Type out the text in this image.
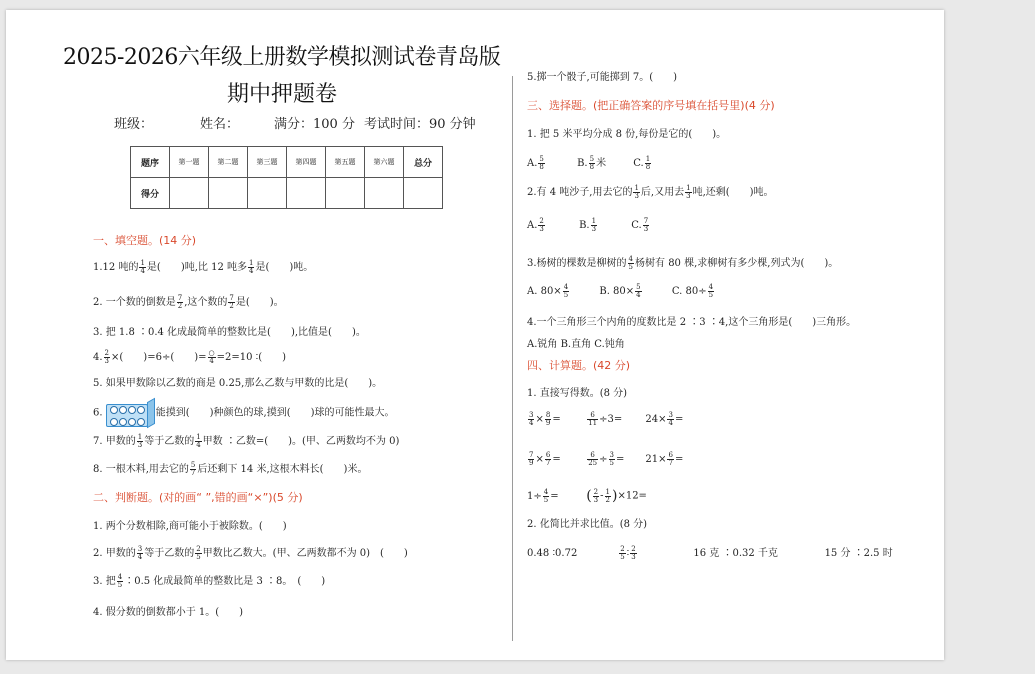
2025-2026六年级上册数学模拟测试卷青岛版
期中押题卷
班级：	姓名：	满分：100 分 考试时间：90 分钟
题序	第一题	第二题	第三题	第四题	第五题	第六题	总分
得分							
一、填空题。(14 分)
1.12 吨的 $\frac{1}{4}$ 是(　　)吨,比 12 吨多 $\frac{1}{4}$ 是(　　)吨。
2. 一个数的倒数是 $\frac{7}{2}$ ,这个数的 $\frac{7}{2}$ 是(　　)。
3. 把 1.8 ∶0.4 化成最简单的整数比是(　　),比值是(　　)。
4. $\frac{2}{3}$ ×(　　)=6÷(　　)= $\frac{○}{4} =2=10$ ∶(　　)
5. 如果甲数除以乙数的商是 0.25,那么乙数与甲数的比是(　　)。
6.	能摸到(　　)种颜色的球,摸到(　　)球的可能性最大。
7. 甲数的 $\frac{1}{3}$ 等于乙数的 $\frac{1}{4}$ 甲数 ∶乙数=(　　)。(甲、乙两数均不为 0)
8. 一根木料,用去它的 $\frac{5}{7}$ 后还剩下 14 米,这根木料长(　　)米。
二、判断题。(对的画“ ”,错的画“×”)(5 分)
1. 两个分数相除,商可能小于被除数。(　　)
2. 甲数的 $\frac{3}{4}$ 等于乙数的 $\frac{2}{5}$ 甲数比乙数大。(甲、乙两数都不为 0)　(　　)
3. 把 $\frac{4}{5}$ ∶0.5 化成最简单的整数比是 3 ∶8。　(　　)
4. 假分数的倒数都小于 1。(　　)
5.掷一个骰子,可能掷到 7。(　　)
三、选择题。(把正确答案的序号填在括号里)(4 分)
1. 把 5 米平均分成 8 份,每份是它的(　　)。
A. $\frac{5}{8}$	B. $\frac{5}{8}$ 米	C. $\frac{1}{8}$
2.有 4 吨沙子,用去它的 $\frac{1}{3}$ 后,又用去 $\frac{1}{3}$ 吨,还剩(　　)吨。
A. $\frac{2}{3}$	B. $\frac{1}{3}$	C. $\frac{7}{3}$
3.杨树的棵数是柳树的 $\frac{4}{5}$ 杨树有 80 棵,求柳树有多少棵,列式为(　　)。
A. $80\times \frac{4}{5}$	B. $80\times \frac{5}{4}$	C. $80\div \frac{4}{5}$
4.一个三角形三个内角的度数比是 2 ∶3 ∶4,这个三角形是(　　)三角形。
A.锐角 B.直角 C.钝角
四、计算题。(42 分)
1. 直接写得数。(8 分)
$\frac{3}{4} \times \frac{8}{9}$ =	$\frac{6}{11} \div 3= 24\times \frac{3}{4}$ =
$\frac{7}{9} \times \frac{6}{7}$ =	$\frac{6}{25} \div \frac{3}{5} = 21\times \frac{6}{7}$ =
$1\div \frac{4}{5}$ = ( $\frac{2}{3} - \frac{1}{2} )\times 12=$
2. 化简比并求比值。(8 分)
0.48 ∶0.72	$\frac{2}{5}$ ∶ $\frac{2}{3}$	16 克 ∶0.32 千克	15 分 ∶2.5 时
